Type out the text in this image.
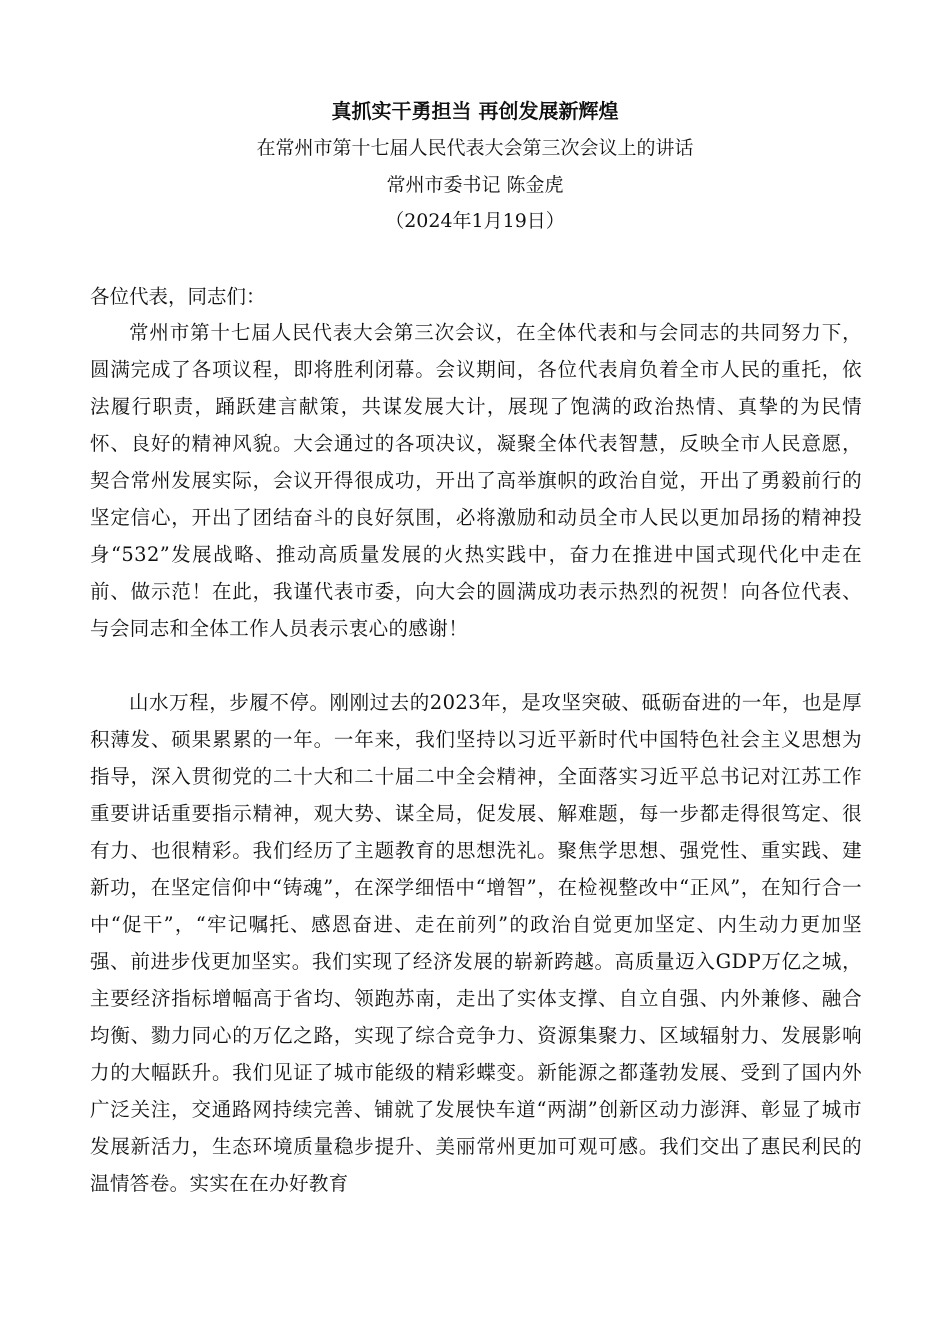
真抓实干勇担当 再创发展新辉煌
在常州市第十七届人民代表大会第三次会议上的讲话
常州市委书记 陈金虎
（2024年1月19日）
各位代表，同志们：

常州市第十七届人民代表大会第三次会议，在全体代表和与会同志的共同努力下，圆满完成了各项议程，即将胜利闭幕。会议期间，各位代表肩负着全市人民的重托，依法履行职责，踊跃建言献策，共谋发展大计，展现了饱满的政治热情、真挚的为民情怀、良好的精神风貌。大会通过的各项决议，凝聚全体代表智慧，反映全市人民意愿，契合常州发展实际，会议开得很成功，开出了高举旗帜的政治自觉，开出了勇毅前行的坚定信心，开出了团结奋斗的良好氛围，必将激励和动员全市人民以更加昂扬的精神投身“532”发展战略、推动高质量发展的火热实践中，奋力在推进中国式现代化中走在前、做示范！在此，我谨代表市委，向大会的圆满成功表示热烈的祝贺！向各位代表、与会同志和全体工作人员表示衷心的感谢！

山水万程，步履不停。刚刚过去的2023年，是攻坚突破、砥砺奋进的一年，也是厚积薄发、硕果累累的一年。一年来，我们坚持以习近平新时代中国特色社会主义思想为指导，深入贯彻党的二十大和二十届二中全会精神，全面落实习近平总书记对江苏工作重要讲话重要指示精神，观大势、谋全局，促发展、解难题，每一步都走得很笃定、很有力、也很精彩。我们经历了主题教育的思想洗礼。聚焦学思想、强党性、重实践、建新功，在坚定信仰中“铸魂”，在深学细悟中“增智”，在检视整改中“正风”，在知行合一中“促干”，“牢记嘱托、感恩奋进、走在前列”的政治自觉更加坚定、内生动力更加坚强、前进步伐更加坚实。我们实现了经济发展的崭新跨越。高质量迈入GDP万亿之城，主要经济指标增幅高于省均、领跑苏南，走出了实体支撑、自立自强、内外兼修、融合均衡、勠力同心的万亿之路，实现了综合竞争力、资源集聚力、区域辐射力、发展影响力的大幅跃升。我们见证了城市能级的精彩蝶变。新能源之都蓬勃发展、受到了国内外广泛关注，交通路网持续完善、铺就了发展快车道“两湖”创新区动力澎湃、彰显了城市发展新活力，生态环境质量稳步提升、美丽常州更加可观可感。我们交出了惠民利民的温情答卷。实实在在办好教育
